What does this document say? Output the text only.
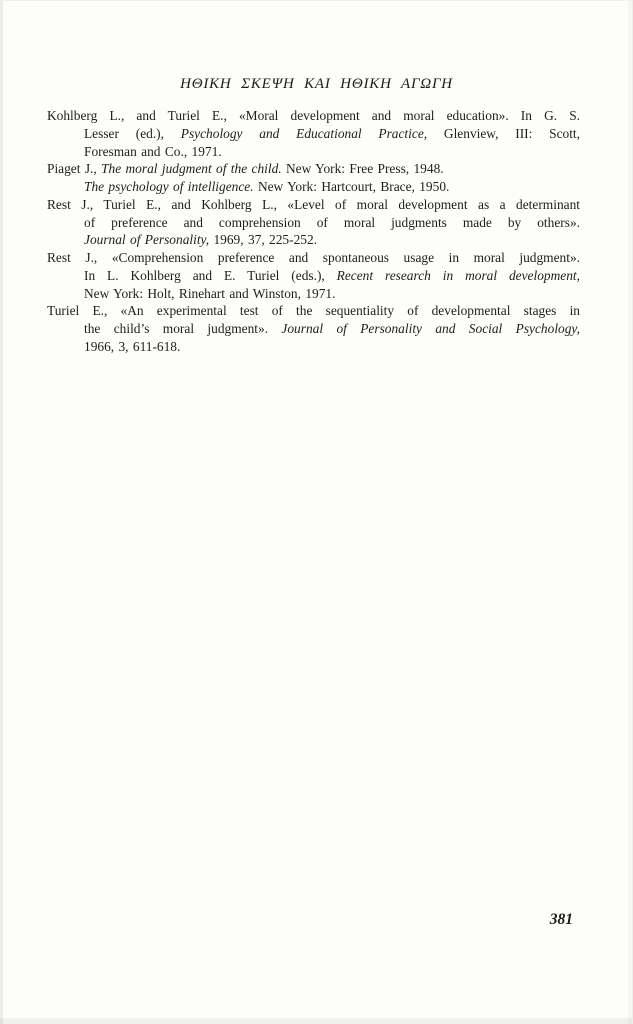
ΗΘΙΚΗ ΣΚΕΨΗ ΚΑΙ ΗΘΙΚΗ ΑΓΩΓΗ
Kohlberg L., and Turiel E., «Moral development and moral education». In G. S.
Lesser (ed.), Psychology and Educational Practice, Glenview, III: Scott,
Foresman and Co., 1971.
Piaget J., The moral judgment of the child. New York: Free Press, 1948.
The psychology of intelligence. New York: Hartcourt, Brace, 1950.
Rest J., Turiel E., and Kohlberg L., «Level of moral development as a determinant
of preference and comprehension of moral judgments made by others».
Journal of Personality, 1969, 37, 225-252.
Rest J., «Comprehension preference and spontaneous usage in moral judgment».
In L. Kohlberg and E. Turiel (eds.), Recent research in moral development,
New York: Holt, Rinehart and Winston, 1971.
Turiel E., «An experimental test of the sequentiality of developmental stages in
the child’s moral judgment». Journal of Personality and Social Psychology,
1966, 3, 611-618.
381
